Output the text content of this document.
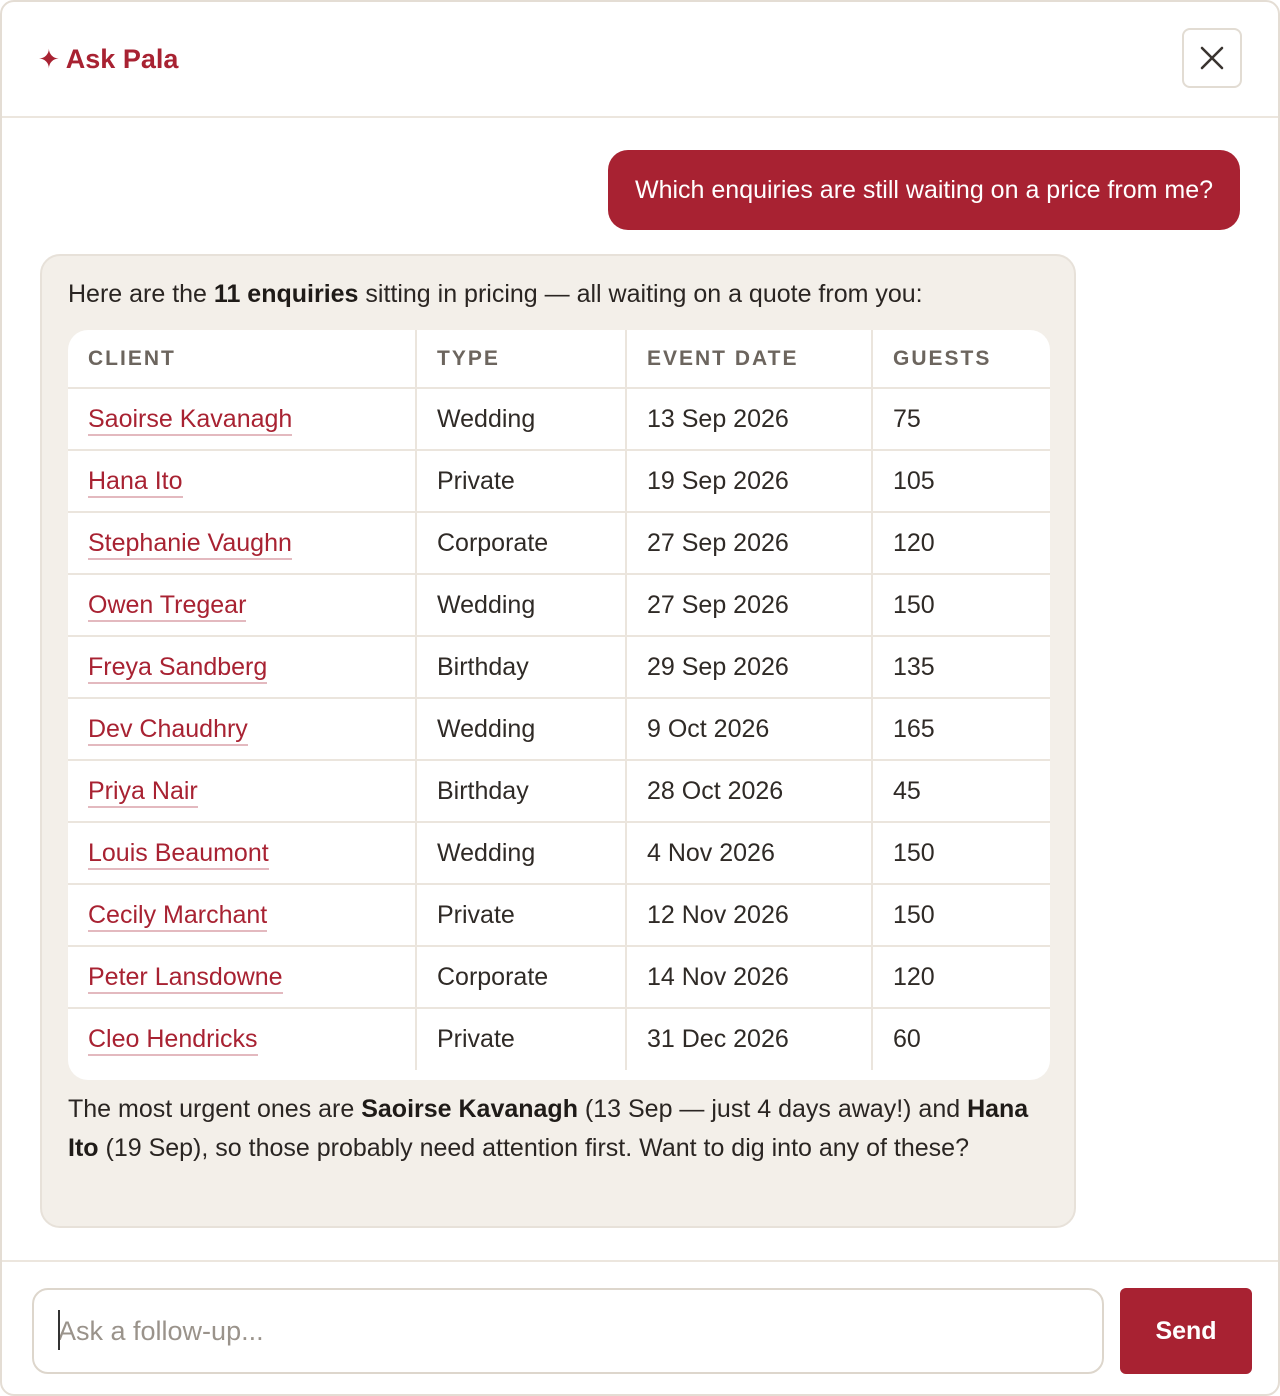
✦ Ask Pala
Which enquiries are still waiting on a price from me?
Here are the 11 enquiries sitting in pricing — all waiting on a quote from you:
CLIENT	TYPE	EVENT DATE	GUESTS
Saoirse Kavanagh	Wedding	13 Sep 2026	75
Hana Ito	Private	19 Sep 2026	105
Stephanie Vaughn	Corporate	27 Sep 2026	120
Owen Tregear	Wedding	27 Sep 2026	150
Freya Sandberg	Birthday	29 Sep 2026	135
Dev Chaudhry	Wedding	9 Oct 2026	165
Priya Nair	Birthday	28 Oct 2026	45
Louis Beaumont	Wedding	4 Nov 2026	150
Cecily Marchant	Private	12 Nov 2026	150
Peter Lansdowne	Corporate	14 Nov 2026	120
Cleo Hendricks	Private	31 Dec 2026	60
The most urgent ones are Saoirse Kavanagh (13 Sep — just 4 days away!) and Hana Ito (19 Sep), so those probably need attention first. Want to dig into any of these?
Ask a follow-up...
Send
